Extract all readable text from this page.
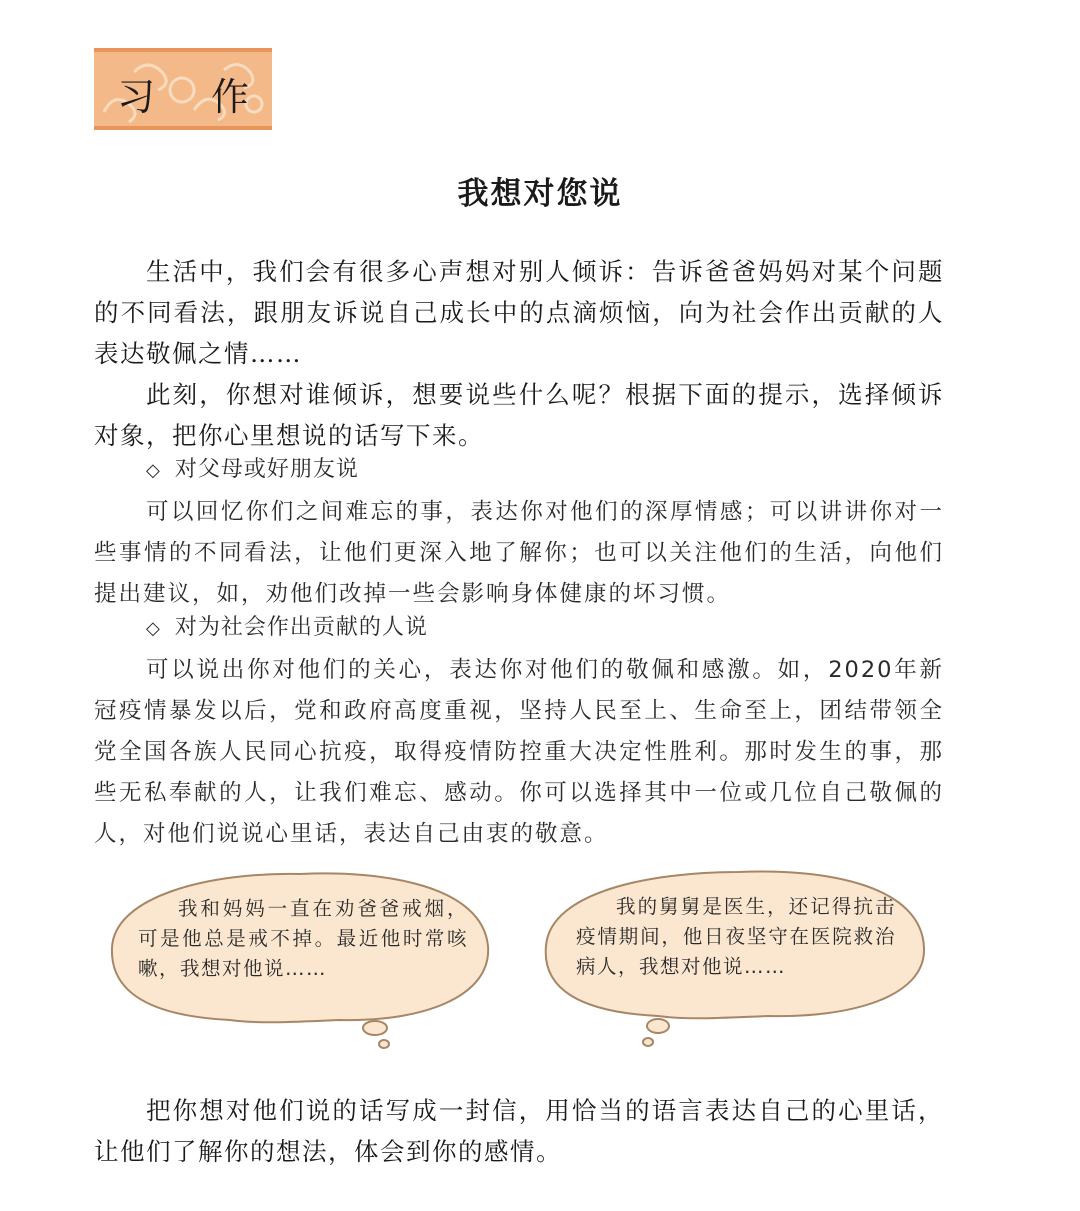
习 作
我想对您说

生活中，我们会有很多心声想对别人倾诉：告诉爸爸妈妈对某个问题的不同看法，跟朋友诉说自己成长中的点滴烦恼，向为社会作出贡献的人表达敬佩之情……

此刻，你想对谁倾诉，想要说些什么呢？根据下面的提示，选择倾诉对象，把你心里想说的话写下来。

◇ 对父母或好朋友说

可以回忆你们之间难忘的事，表达你对他们的深厚情感；可以讲讲你对一些事情的不同看法，让他们更深入地了解你；也可以关注他们的生活，向他们提出建议，如，劝他们改掉一些会影响身体健康的坏习惯。

◇ 对为社会作出贡献的人说

可以说出你对他们的关心，表达你对他们的敬佩和感激。如，2020年新冠疫情暴发以后，党和政府高度重视，坚持人民至上、生命至上，团结带领全党全国各族人民同心抗疫，取得疫情防控重大决定性胜利。那时发生的事，那些无私奉献的人，让我们难忘、感动。你可以选择其中一位或几位自己敬佩的人，对他们说说心里话，表达自己由衷的敬意。

我和妈妈一直在劝爸爸戒烟，可是他总是戒不掉。最近他时常咳嗽，我想对他说……
我的舅舅是医生，还记得抗击疫情期间，他日夜坚守在医院救治病人，我想对他说……

把你想对他们说的话写成一封信，用恰当的语言表达自己的心里话，让他们了解你的想法，体会到你的感情。
